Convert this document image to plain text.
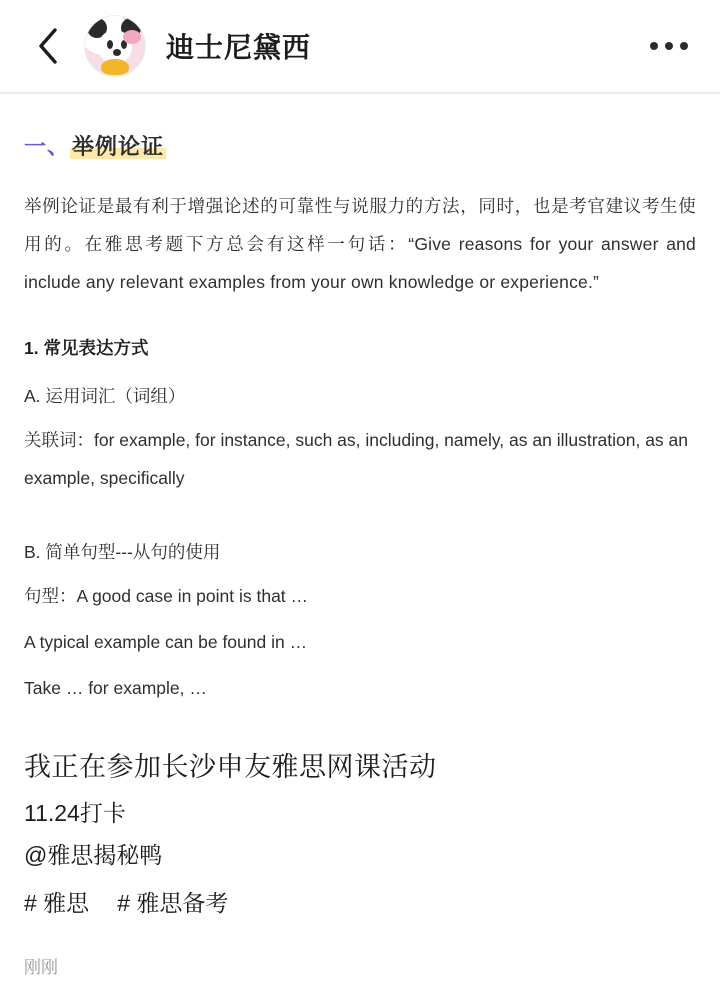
迪士尼黛西
一、举例论证
举例论证是最有利于增强论述的可靠性与说服力的方法，同时，也是考官建议考生使用的。在雅思考题下方总会有这样一句话：“Give reasons for your answer and include any relevant examples from your own knowledge or experience.”
1. 常见表达方式
A. 运用词汇（词组）
关联词：for example, for instance, such as, including, namely, as an illustration, as an example, specifically
B. 简单句型---从句的使用
句型：A good case in point is that …
A typical example can be found in …
Take … for example, …
我正在参加长沙申友雅思网课活动
11.24打卡
@雅思揭秘鸭
# 雅思 # 雅思备考
刚刚
